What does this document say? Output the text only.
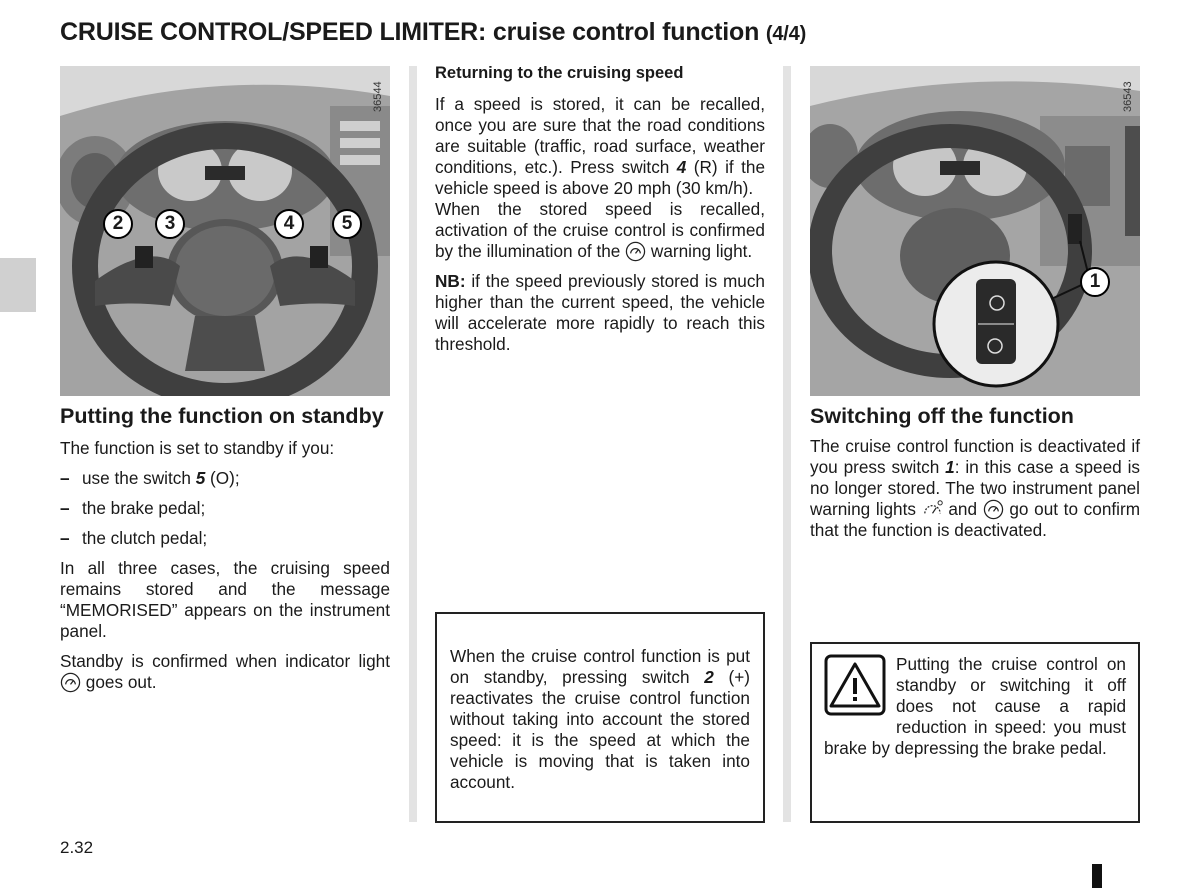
CRUISE CONTROL/SPEED LIMITER: cruise control function (4/4)
36544
2	3	4	5
Putting the function on standby

The function is set to standby if you:

– use the switch 5 (O);
– the brake pedal;
– the clutch pedal;

In all three cases, the cruising speed remains stored and the message “MEMORISED” appears on the instrument panel.

Standby is confirmed when indicator light  goes out.

Returning to the cruising speed

If a speed is stored, it can be recalled, once you are sure that the road conditions are suitable (traffic, road surface, weather conditions, etc.). Press switch 4 (R) if the vehicle speed is above 20 mph (30 km/h).

When the stored speed is recalled, activation of the cruise control is confirmed by the illumination of the warning light.

NB: if the speed previously stored is much higher than the current speed, the vehicle will accelerate more rapidly to reach this threshold.

When the cruise control function is put on standby, pressing switch 2 (+) reactivates the cruise control function without taking into account the stored speed: it is the speed at which the vehicle is moving that is taken into account.
36543
1
Switching off the function

The cruise control function is deactivated if you press switch 1: in this case a speed is no longer stored. The two instrument panel warning lights and go out to confirm that the function is deactivated.

Putting the cruise control on standby or switching it off does not cause a rapid reduction in speed: you must brake by depressing the brake pedal.
2.32
